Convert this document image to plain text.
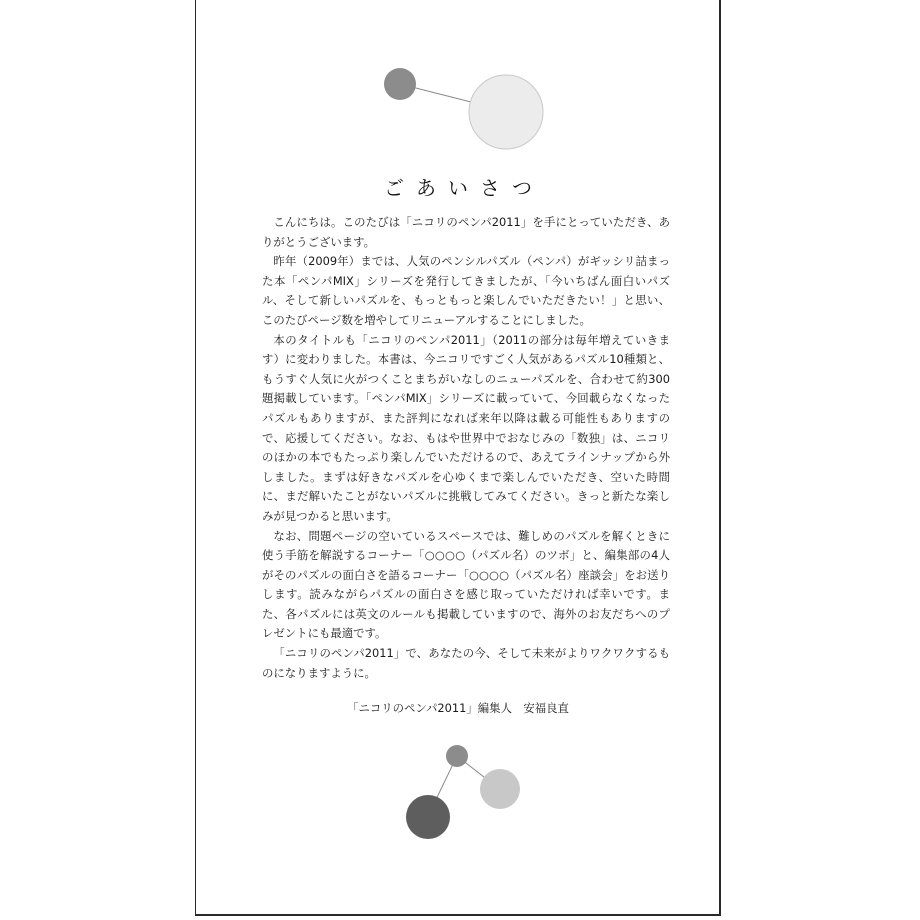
ごあいさつ

こんにちは。このたびは「ニコリのペンパ2011」を手にとっていただき、ありがとうございます。

昨年（2009年）までは、人気のペンシルパズル（ペンパ）がギッシリ詰まった本「ペンパMIX」シリーズを発行してきましたが、「今いちばん面白いパズル、そして新しいパズルを、もっともっと楽しんでいただきたい！」と思い、このたびページ数を増やしてリニューアルすることにしました。

本のタイトルも「ニコリのペンパ2011」（2011の部分は毎年増えていきます）に変わりました。本書は、今ニコリですごく人気があるパズル10種類と、もうすぐ人気に火がつくことまちがいなしのニューパズルを、合わせて約300題掲載しています。「ペンパMIX」シリーズに載っていて、今回載らなくなったパズルもありますが、また評判になれば来年以降は載る可能性もありますので、応援してください。なお、もはや世界中でおなじみの「数独」は、ニコリのほかの本でもたっぷり楽しんでいただけるので、あえてラインナップから外しました。まずは好きなパズルを心ゆくまで楽しんでいただき、空いた時間に、まだ解いたことがないパズルに挑戦してみてください。きっと新たな楽しみが見つかると思います。

なお、問題ページの空いているスペースでは、難しめのパズルを解くときに使う手筋を解説するコーナー「○○○○（パズル名）のツボ」と、編集部の4人がそのパズルの面白さを語るコーナー「○○○○（パズル名）座談会」をお送りします。読みながらパズルの面白さを感じ取っていただければ幸いです。また、各パズルには英文のルールも掲載していますので、海外のお友だちへのプレゼントにも最適です。

「ニコリのペンパ2011」で、あなたの今、そして未来がよりワクワクするものになりますように。

「ニコリのペンパ2011」編集人　安福良直
